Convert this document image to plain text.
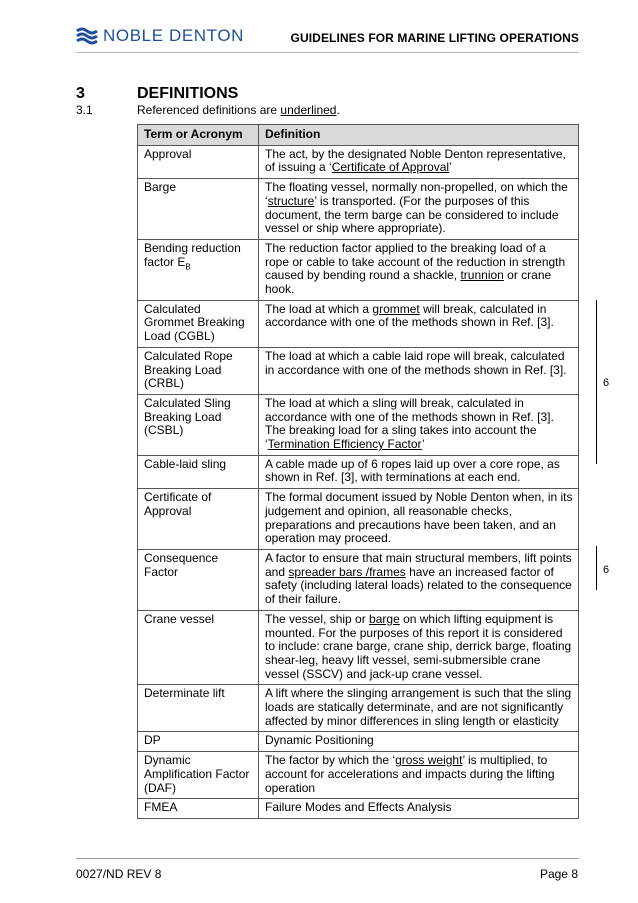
NOBLE DENTON	GUIDELINES FOR MARINE LIFTING OPERATIONS
3	DEFINITIONS
3.1	Referenced definitions are underlined.
Term or Acronym	Definition
Approval	The act, by the designated Noble Denton representative, of issuing a ‘Certificate of Approval’
Barge	The floating vessel, normally non-propelled, on which the ‘structure’ is transported. (For the purposes of this document, the term barge can be considered to include vessel or ship where appropriate).
Bending reduction factor $E_B$	The reduction factor applied to the breaking load of a rope or cable to take account of the reduction in strength caused by bending round a shackle, trunnion or crane hook.
Calculated Grommet Breaking Load (CGBL)	The load at which a grommet will break, calculated in accordance with one of the methods shown in Ref. [3].
Calculated Rope Breaking Load (CRBL)	The load at which a cable laid rope will break, calculated in accordance with one of the methods shown in Ref. [3].
Calculated Sling Breaking Load (CSBL)	The load at which a sling will break, calculated in accordance with one of the methods shown in Ref. [3]. The breaking load for a sling takes into account the ‘Termination Efficiency Factor’
Cable-laid sling	A cable made up of 6 ropes laid up over a core rope, as shown in Ref. [3], with terminations at each end.
Certificate of Approval	The formal document issued by Noble Denton when, in its judgement and opinion, all reasonable checks, preparations and precautions have been taken, and an operation may proceed.
Consequence Factor	A factor to ensure that main structural members, lift points and spreader bars /frames have an increased factor of safety (including lateral loads) related to the consequence of their failure.
Crane vessel	The vessel, ship or barge on which lifting equipment is mounted. For the purposes of this report it is considered to include: crane barge, crane ship, derrick barge, floating shear-leg, heavy lift vessel, semi-submersible crane vessel (SSCV) and jack-up crane vessel.
Determinate lift	A lift where the slinging arrangement is such that the sling loads are statically determinate, and are not significantly affected by minor differences in sling length or elasticity
DP	Dynamic Positioning
Dynamic Amplification Factor (DAF)	The factor by which the ‘gross weight’ is multiplied, to account for accelerations and impacts during the lifting operation
FMEA	Failure Modes and Effects Analysis
6
6
0027/ND REV 8	Page 8
